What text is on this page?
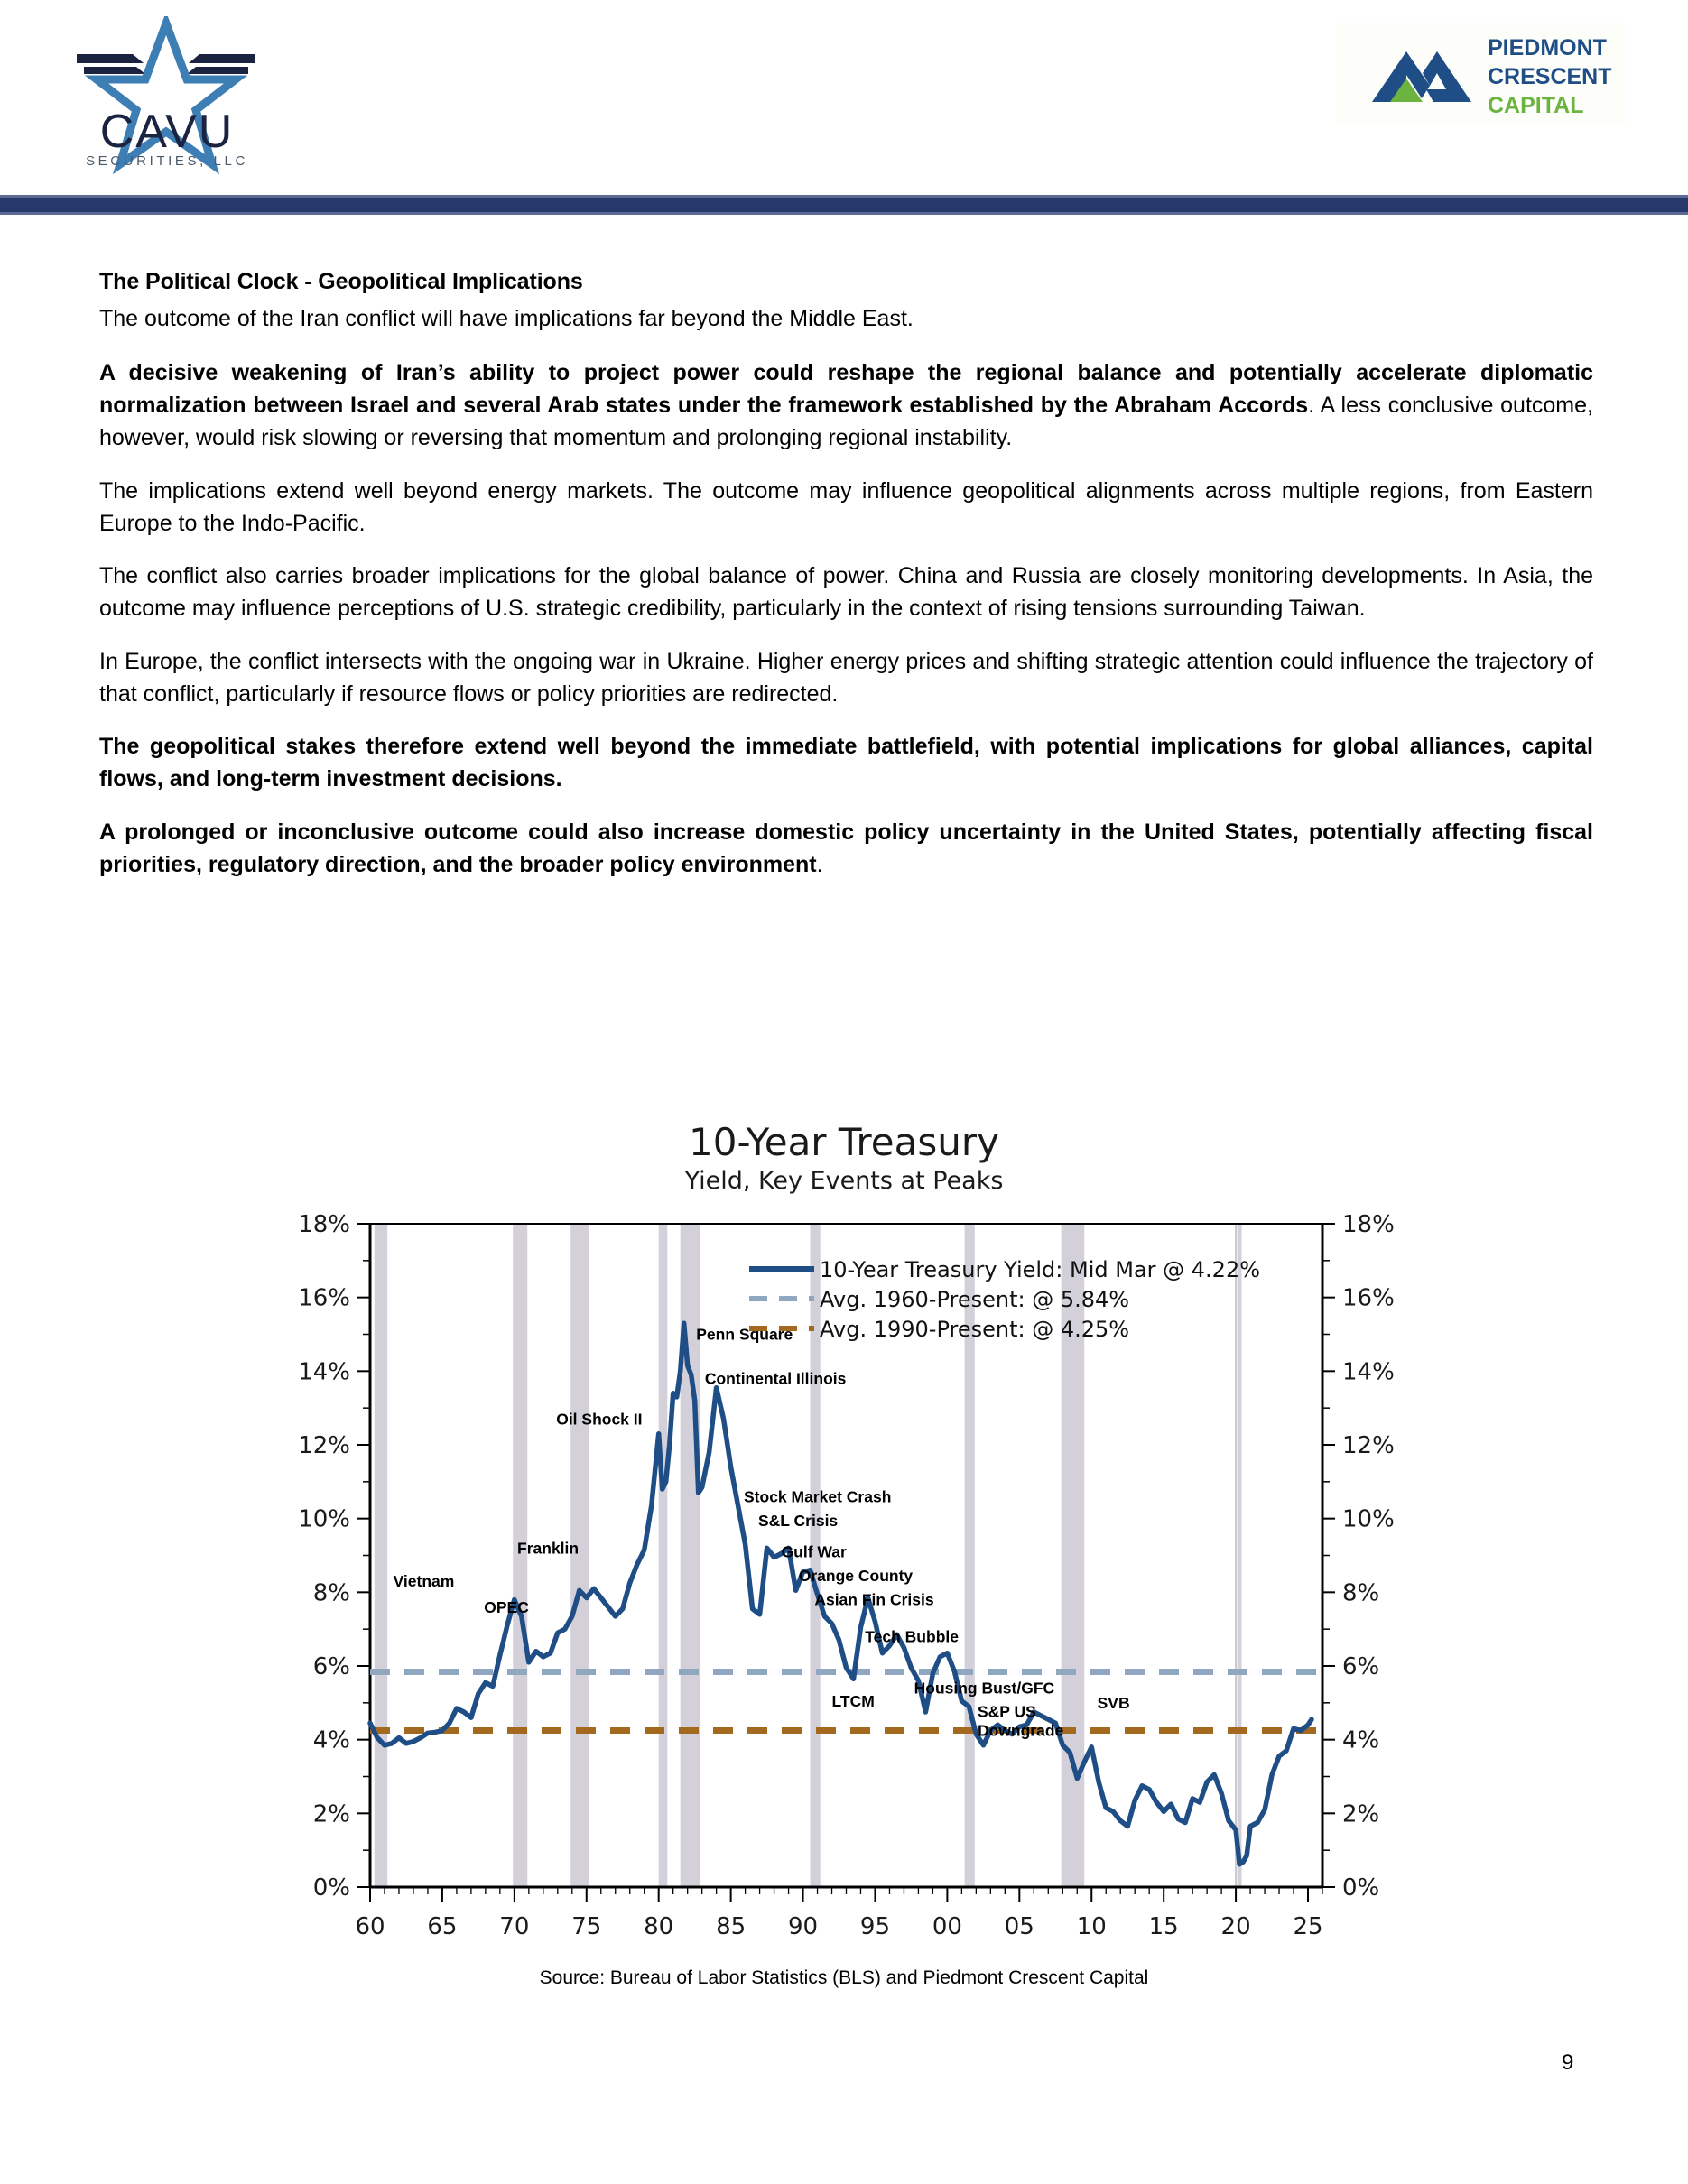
CAVU
SECURITIES, LLC
PIEDMONT
CRESCENT
CAPITAL
The Political Clock - Geopolitical Implications

The outcome of the Iran conflict will have implications far beyond the Middle East.

A decisive weakening of Iran’s ability to project power could reshape the regional balance and potentially accelerate diplomatic normalization between Israel and several Arab states under the framework established by the Abraham Accords. A less conclusive outcome, however, would risk slowing or reversing that momentum and prolonging regional instability.

The implications extend well beyond energy markets. The outcome may influence geopolitical alignments across multiple regions, from Eastern Europe to the Indo-Pacific.

The conflict also carries broader implications for the global balance of power. China and Russia are closely monitoring developments. In Asia, the outcome may influence perceptions of U.S. strategic credibility, particularly in the context of rising tensions surrounding Taiwan.

In Europe, the conflict intersects with the ongoing war in Ukraine. Higher energy prices and shifting strategic attention could influence the trajectory of that conflict, particularly if resource flows or policy priorities are redirected.

The geopolitical stakes therefore extend well beyond the immediate battlefield, with potential implications for global alliances, capital flows, and long-term investment decisions.

A prolonged or inconclusive outcome could also increase domestic policy uncertainty in the United States, potentially affecting fiscal priorities, regulatory direction, and the broader policy environment.

10-Year Treasury
Yield, Key Events at Peaks
0%	0%
2%	2%
4%	4%
6%	6%
8%	8%
10%	10%
12%	12%
14%	14%
16%	16%
18%	18%
60 65 70 75 80 85 90 95 00 05 10 15 20 25
Vietnam
OPEC
Franklin
Oil Shock II
Penn Square
Continental Illinois
Stock Market Crash
S&L Crisis
Gulf War
Orange County
Asian Fin Crisis
Tech Bubble
LTCM
Housing Bust/GFC
S&P US
Downgrade
SVB
10-Year Treasury Yield: Mid Mar @ 4.22%
Avg. 1960-Present: @ 5.84%
Avg. 1990-Present: @ 4.25%
Source: Bureau of Labor Statistics (BLS) and Piedmont Crescent Capital
9
